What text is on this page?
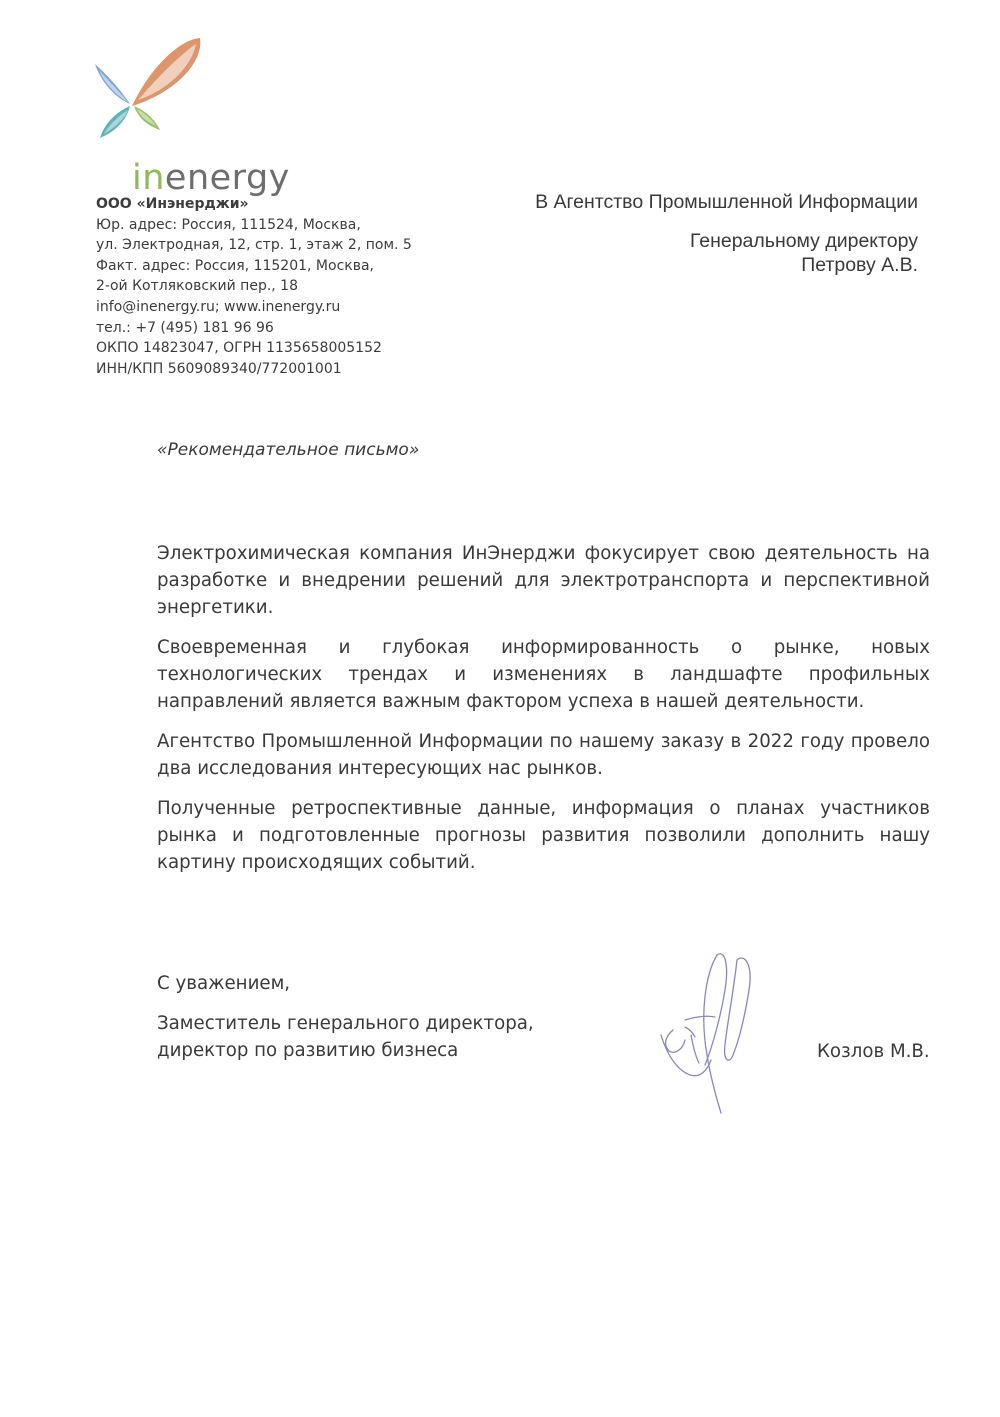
inenergy
ООО «Инэнерджи»
Юр. адрес: Россия, 111524, Москва,
ул. Электродная, 12, стр. 1, этаж 2, пом. 5
Факт. адрес: Россия, 115201, Москва,
2-ой Котляковский пер., 18
info@inenergy.ru; www.inenergy.ru
тел.: +7 (495) 181 96 96
ОКПО 14823047, ОГРН 1135658005152
ИНН/КПП 5609089340/772001001
В Агентство Промышленной Информации
Генеральному директору
Петрову А.В.
«Рекомендательное письмо»

Электрохимическая компания ИнЭнерджи фокусирует свою деятельность на разработке и внедрении решений для электротранспорта и перспективной энергетики.

Своевременная и глубокая информированность о рынке, новых технологических трендах и изменениях в ландшафте профильных направлений является важным фактором успеха в нашей деятельности.

Агентство Промышленной Информации по нашему заказу в 2022 году провело два исследования интересующих нас рынков.

Полученные ретроспективные данные, информация о планах участников рынка и подготовленные прогнозы развития позволили дополнить нашу картину происходящих событий.

С уважением,
Заместитель генерального директора,
директор по развитию бизнеса	Козлов М.В.
